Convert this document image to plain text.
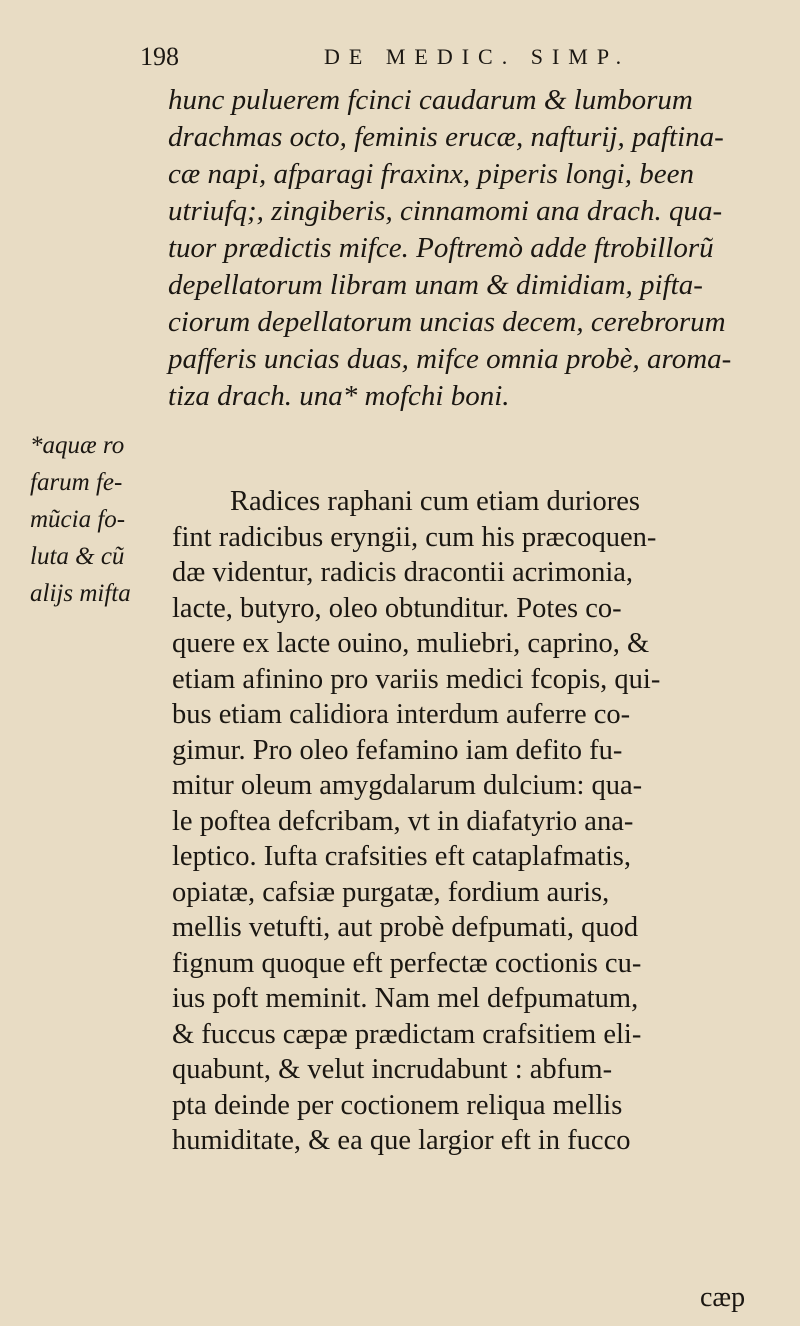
198	DE MEDIC. SIMP.
hunc puluerem fcinci caudarum & lumborum
drachmas octo, feminis erucæ, nafturij, paftina-
cæ napi, afparagi fraxinx, piperis longi, been
utriufq;, zingiberis, cinnamomi ana drach. qua-
tuor prædictis mifce. Poftremò adde ftrobillorũ
depellatorum libram unam & dimidiam, pifta-
ciorum depellatorum uncias decem, cerebrorum
pafferis uncias duas, mifce omnia probè, aroma-
tiza drach. una* mofchi boni.
*aquæ ro
farum fe-
mũcia fo-
luta & cũ
alijs mifta
Radices raphani cum etiam duriores
fint radicibus eryngii, cum his præcoquen-
dæ videntur, radicis dracontii acrimonia,
lacte, butyro, oleo obtunditur. Potes co-
quere ex lacte ouino, muliebri, caprino, &
etiam afinino pro variis medici fcopis, qui-
bus etiam calidiora interdum auferre co-
gimur. Pro oleo fefamino iam defito fu-
mitur oleum amygdalarum dulcium: qua-
le poftea defcribam, vt in diafatyrio ana-
leptico. Iufta crafsities eft cataplafmatis,
opiatæ, cafsiæ purgatæ, fordium auris,
mellis vetufti, aut probè defpumati, quod
fignum quoque eft perfectæ coctionis cu-
ius poft meminit. Nam mel defpumatum,
& fuccus cæpæ prædictam crafsitiem eli-
quabunt, & velut incrudabunt : abfum-
pta deinde per coctionem reliqua mellis
humiditate, & ea que largior eft in fucco
cæp
